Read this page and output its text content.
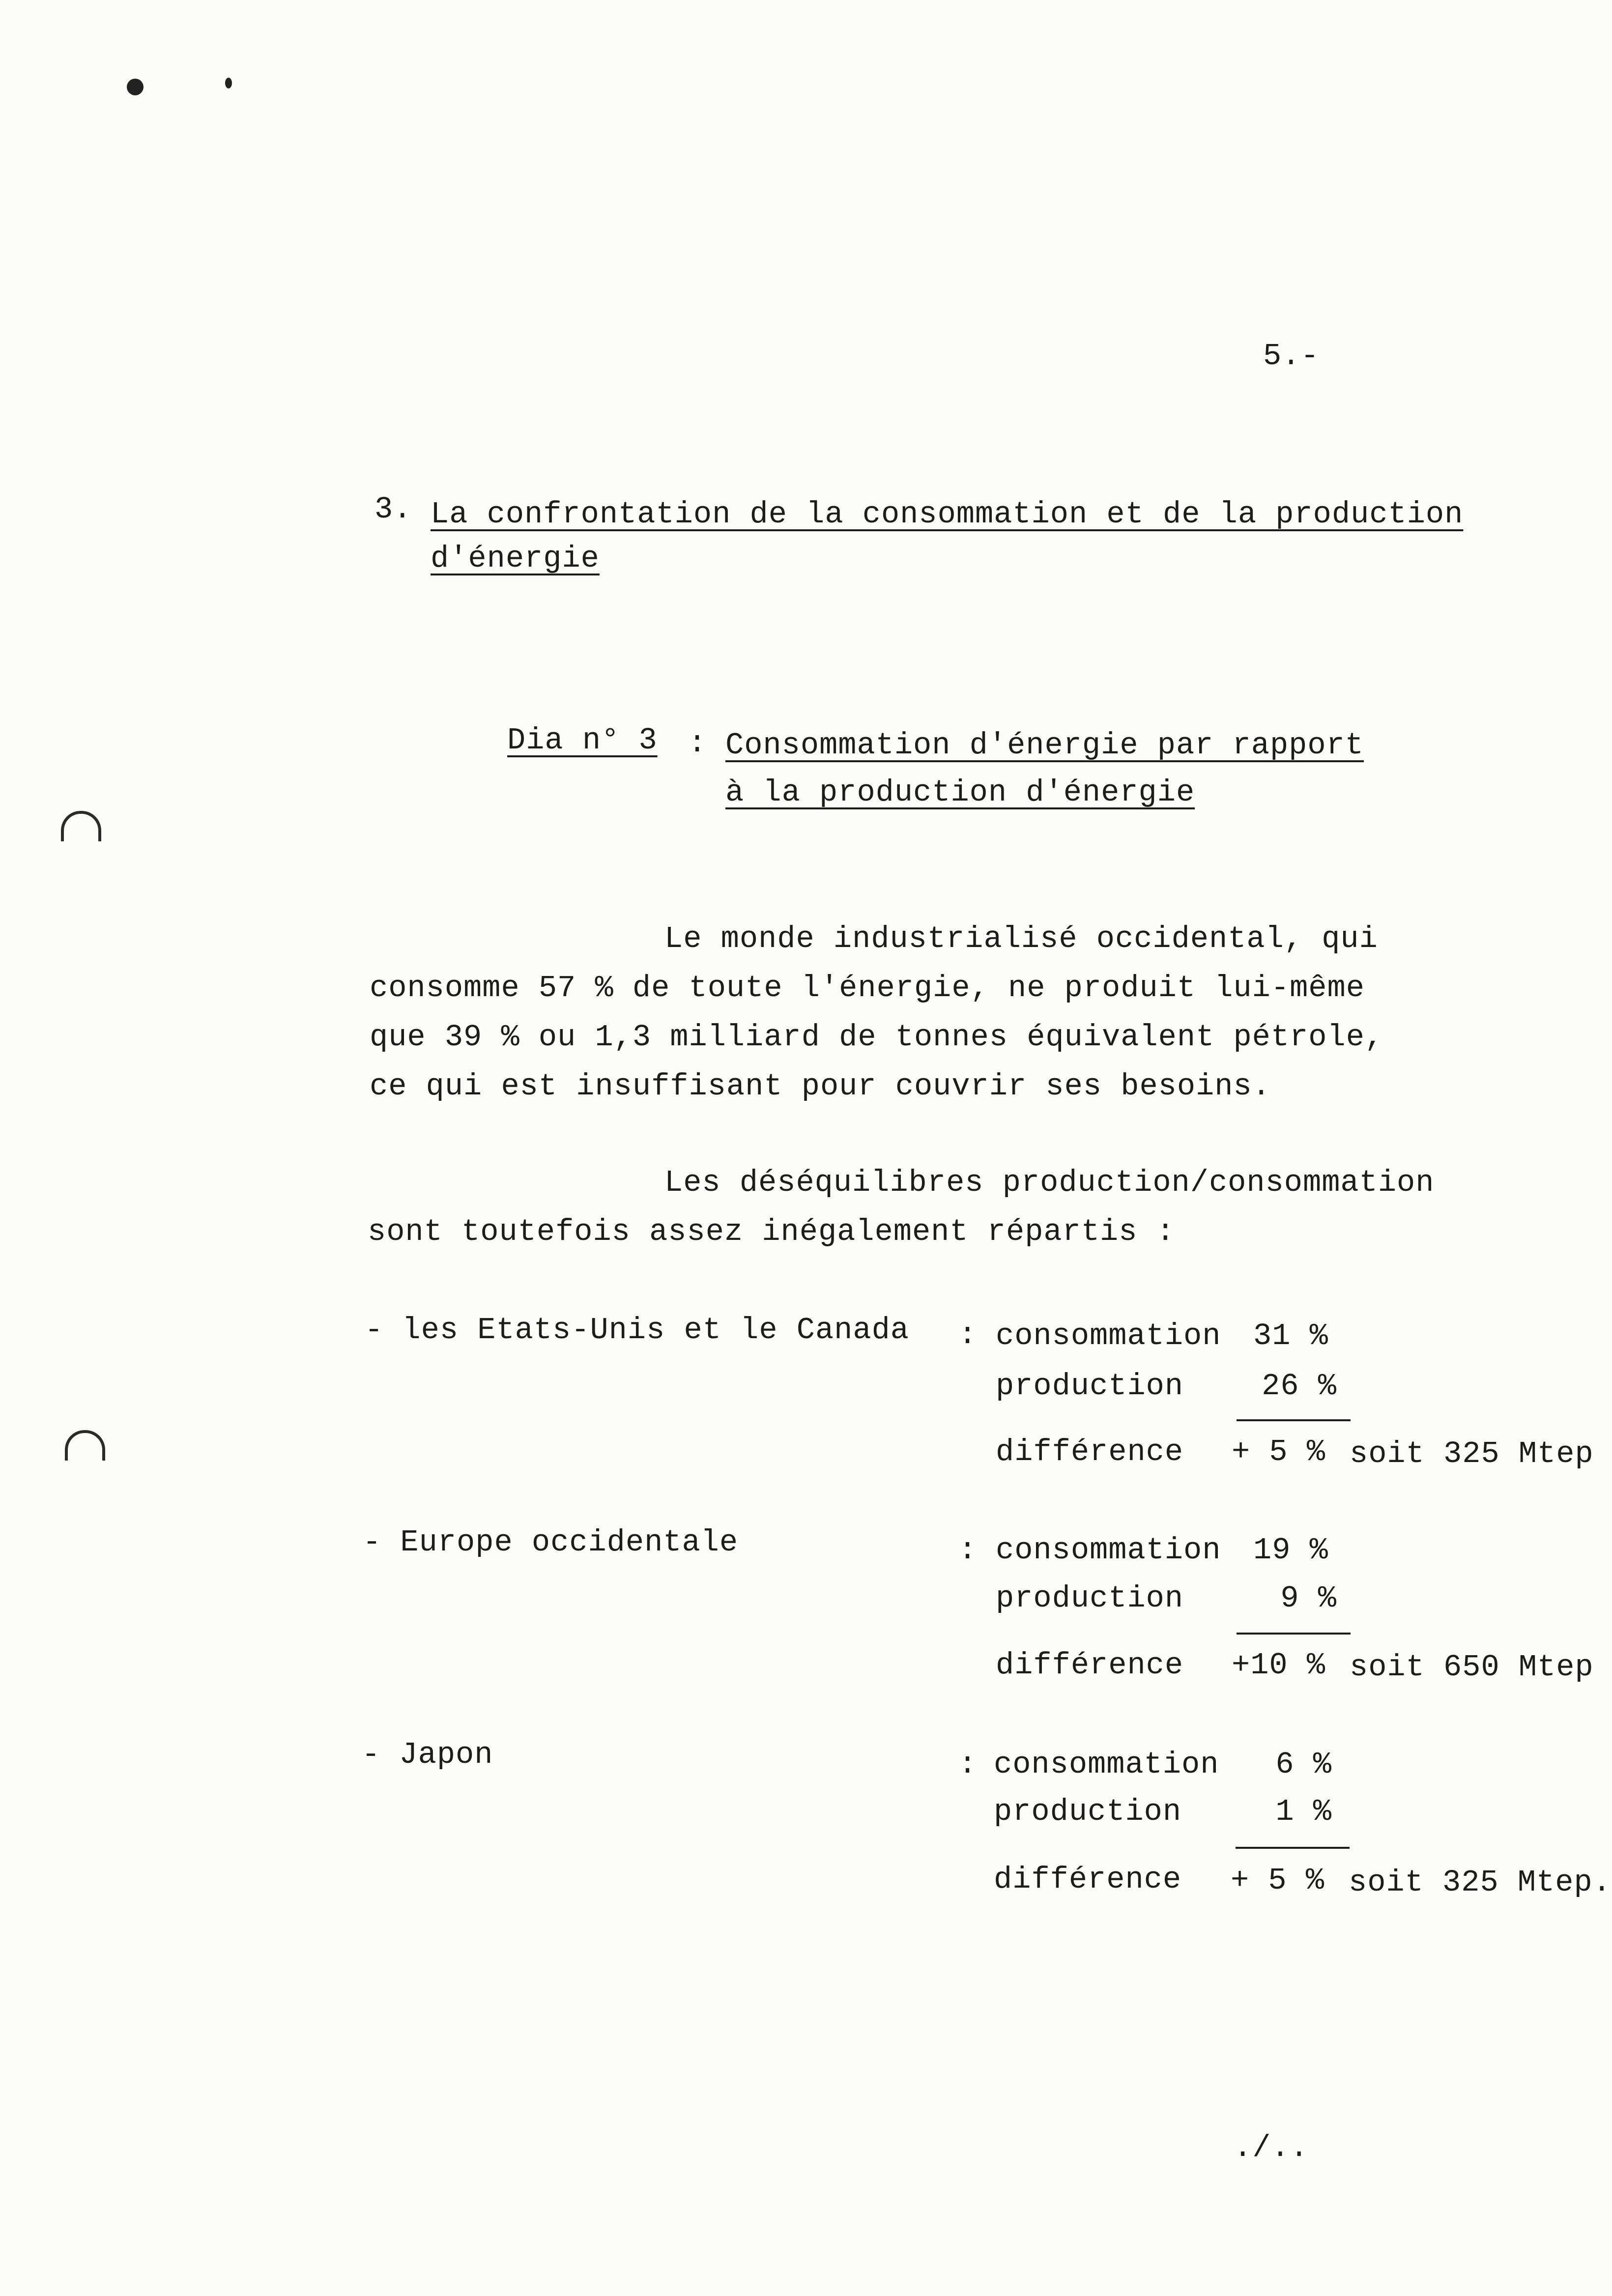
5.-
3. La confrontation de la consommation et de la production
d'énergie
Dia n° 3 : Consommation d'énergie par rapport
à la production d'énergie
Le monde industrialisé occidental, qui
consomme 57 % de toute l'énergie, ne produit lui-même
que 39 % ou 1,3 milliard de tonnes équivalent pétrole,
ce qui est insuffisant pour couvrir ses besoins.
Les déséquilibres production/consommation
sont toutefois assez inégalement répartis :
- les Etats-Unis et le Canada : consommation 31 %
production	26 %
différence + 5 % soit 325 Mtep
- Europe occidentale	: consommation 19 %
production	9 %
différence +10 % soit 650 Mtep
- Japon	: consommation	6 %
production	1 %
différence + 5 % soit 325 Mtep.
./..
